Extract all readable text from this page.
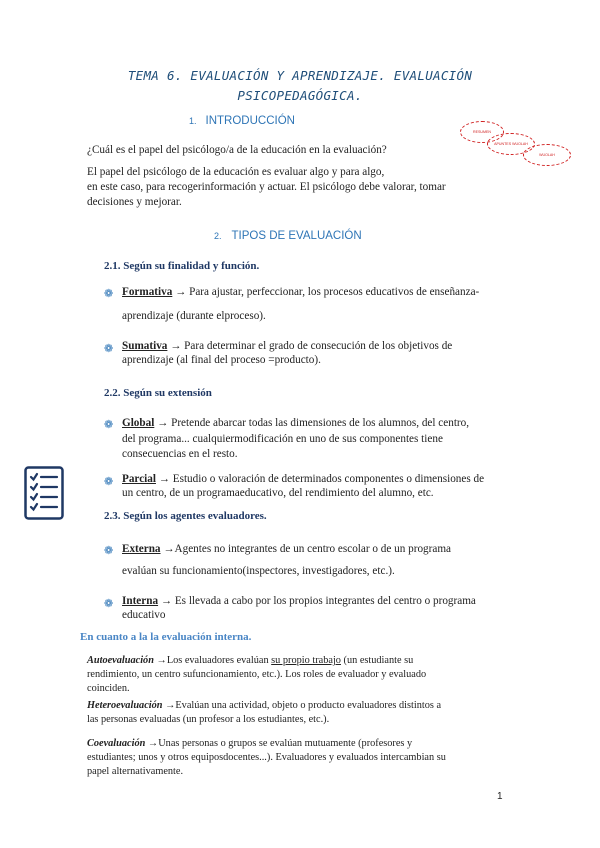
TEMA 6. EVALUACIÓN Y APRENDIZAJE. EVALUACIÓN
PSICOPEDAGÓGICA.
RESUMEN
APUNTES WUOLAH
WUOLAH
1. INTRODUCCIÓN
¿Cuál es el papel del psicólogo/a de la educación en la evaluación?
El papel del psicólogo de la educación es evaluar algo y para algo,
en este caso, para recogerinformación y actuar. El psicólogo debe valorar, tomar
decisiones y mejorar.
2. TIPOS DE EVALUACIÓN
2.1. Según su finalidad y función.
❁ Formativa → Para ajustar, perfeccionar, los procesos educativos de enseñanza-
aprendizaje (durante elproceso).
❁ Sumativa → Para determinar el grado de consecución de los objetivos de
aprendizaje (al final del proceso =producto).
2.2. Según su extensión
❁ Global → Pretende abarcar todas las dimensiones de los alumnos, del centro,
del programa... cualquiermodificación en uno de sus componentes tiene
consecuencias en el resto.
❁ Parcial → Estudio o valoración de determinados componentes o dimensiones de
un centro, de un programaeducativo, del rendimiento del alumno, etc.
2.3. Según los agentes evaluadores.
❁ Externa →Agentes no integrantes de un centro escolar o de un programa
evalúan su funcionamiento(inspectores, investigadores, etc.).
❁ Interna → Es llevada a cabo por los propios integrantes del centro o programa
educativo
En cuanto a la la evaluación interna.
Autoevaluación →Los evaluadores evalúan su propio trabajo (un estudiante su
rendimiento, un centro sufuncionamiento, etc.). Los roles de evaluador y evaluado
coinciden.
Heteroevaluación →Evalúan una actividad, objeto o producto evaluadores distintos a
las personas evaluadas (un profesor a los estudiantes, etc.).
Coevaluación →Unas personas o grupos se evalúan mutuamente (profesores y
estudiantes; unos y otros equiposdocentes...). Evaluadores y evaluados intercambian su
papel alternativamente.
1
